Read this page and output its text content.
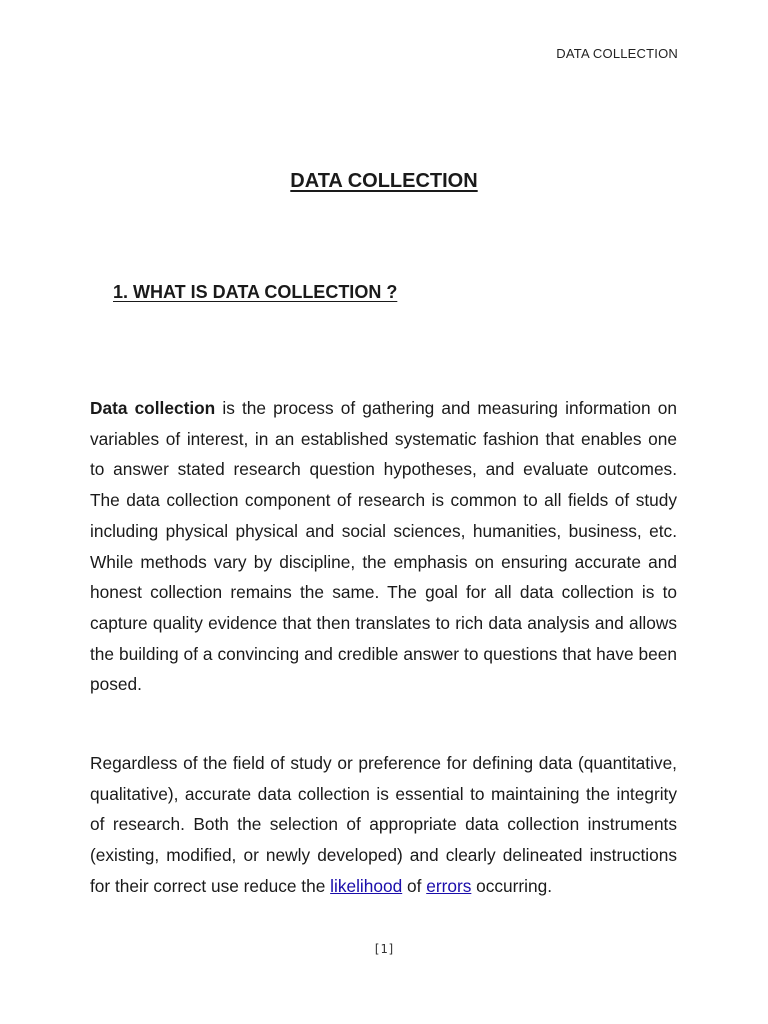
DATA COLLECTION
DATA COLLECTION
1. WHAT IS DATA COLLECTION ?

Data collection is the process of gathering and measuring information on variables of interest, in an established systematic fashion that enables one to answer stated research question hypotheses, and evaluate outcomes. The data collection component of research is common to all fields of study including physical physical and social sciences, humanities, business, etc. While methods vary by discipline, the emphasis on ensuring accurate and honest collection remains the same. The goal for all data collection is to capture quality evidence that then translates to rich data analysis and allows the building of a convincing and credible answer to questions that have been posed.

Regardless of the field of study or preference for defining data (quantitative, qualitative), accurate data collection is essential to maintaining the integrity of research. Both the selection of appropriate data collection instruments (existing, modified, or newly developed) and clearly delineated instructions for their correct use reduce the likelihood of errors occurring.

[1]
